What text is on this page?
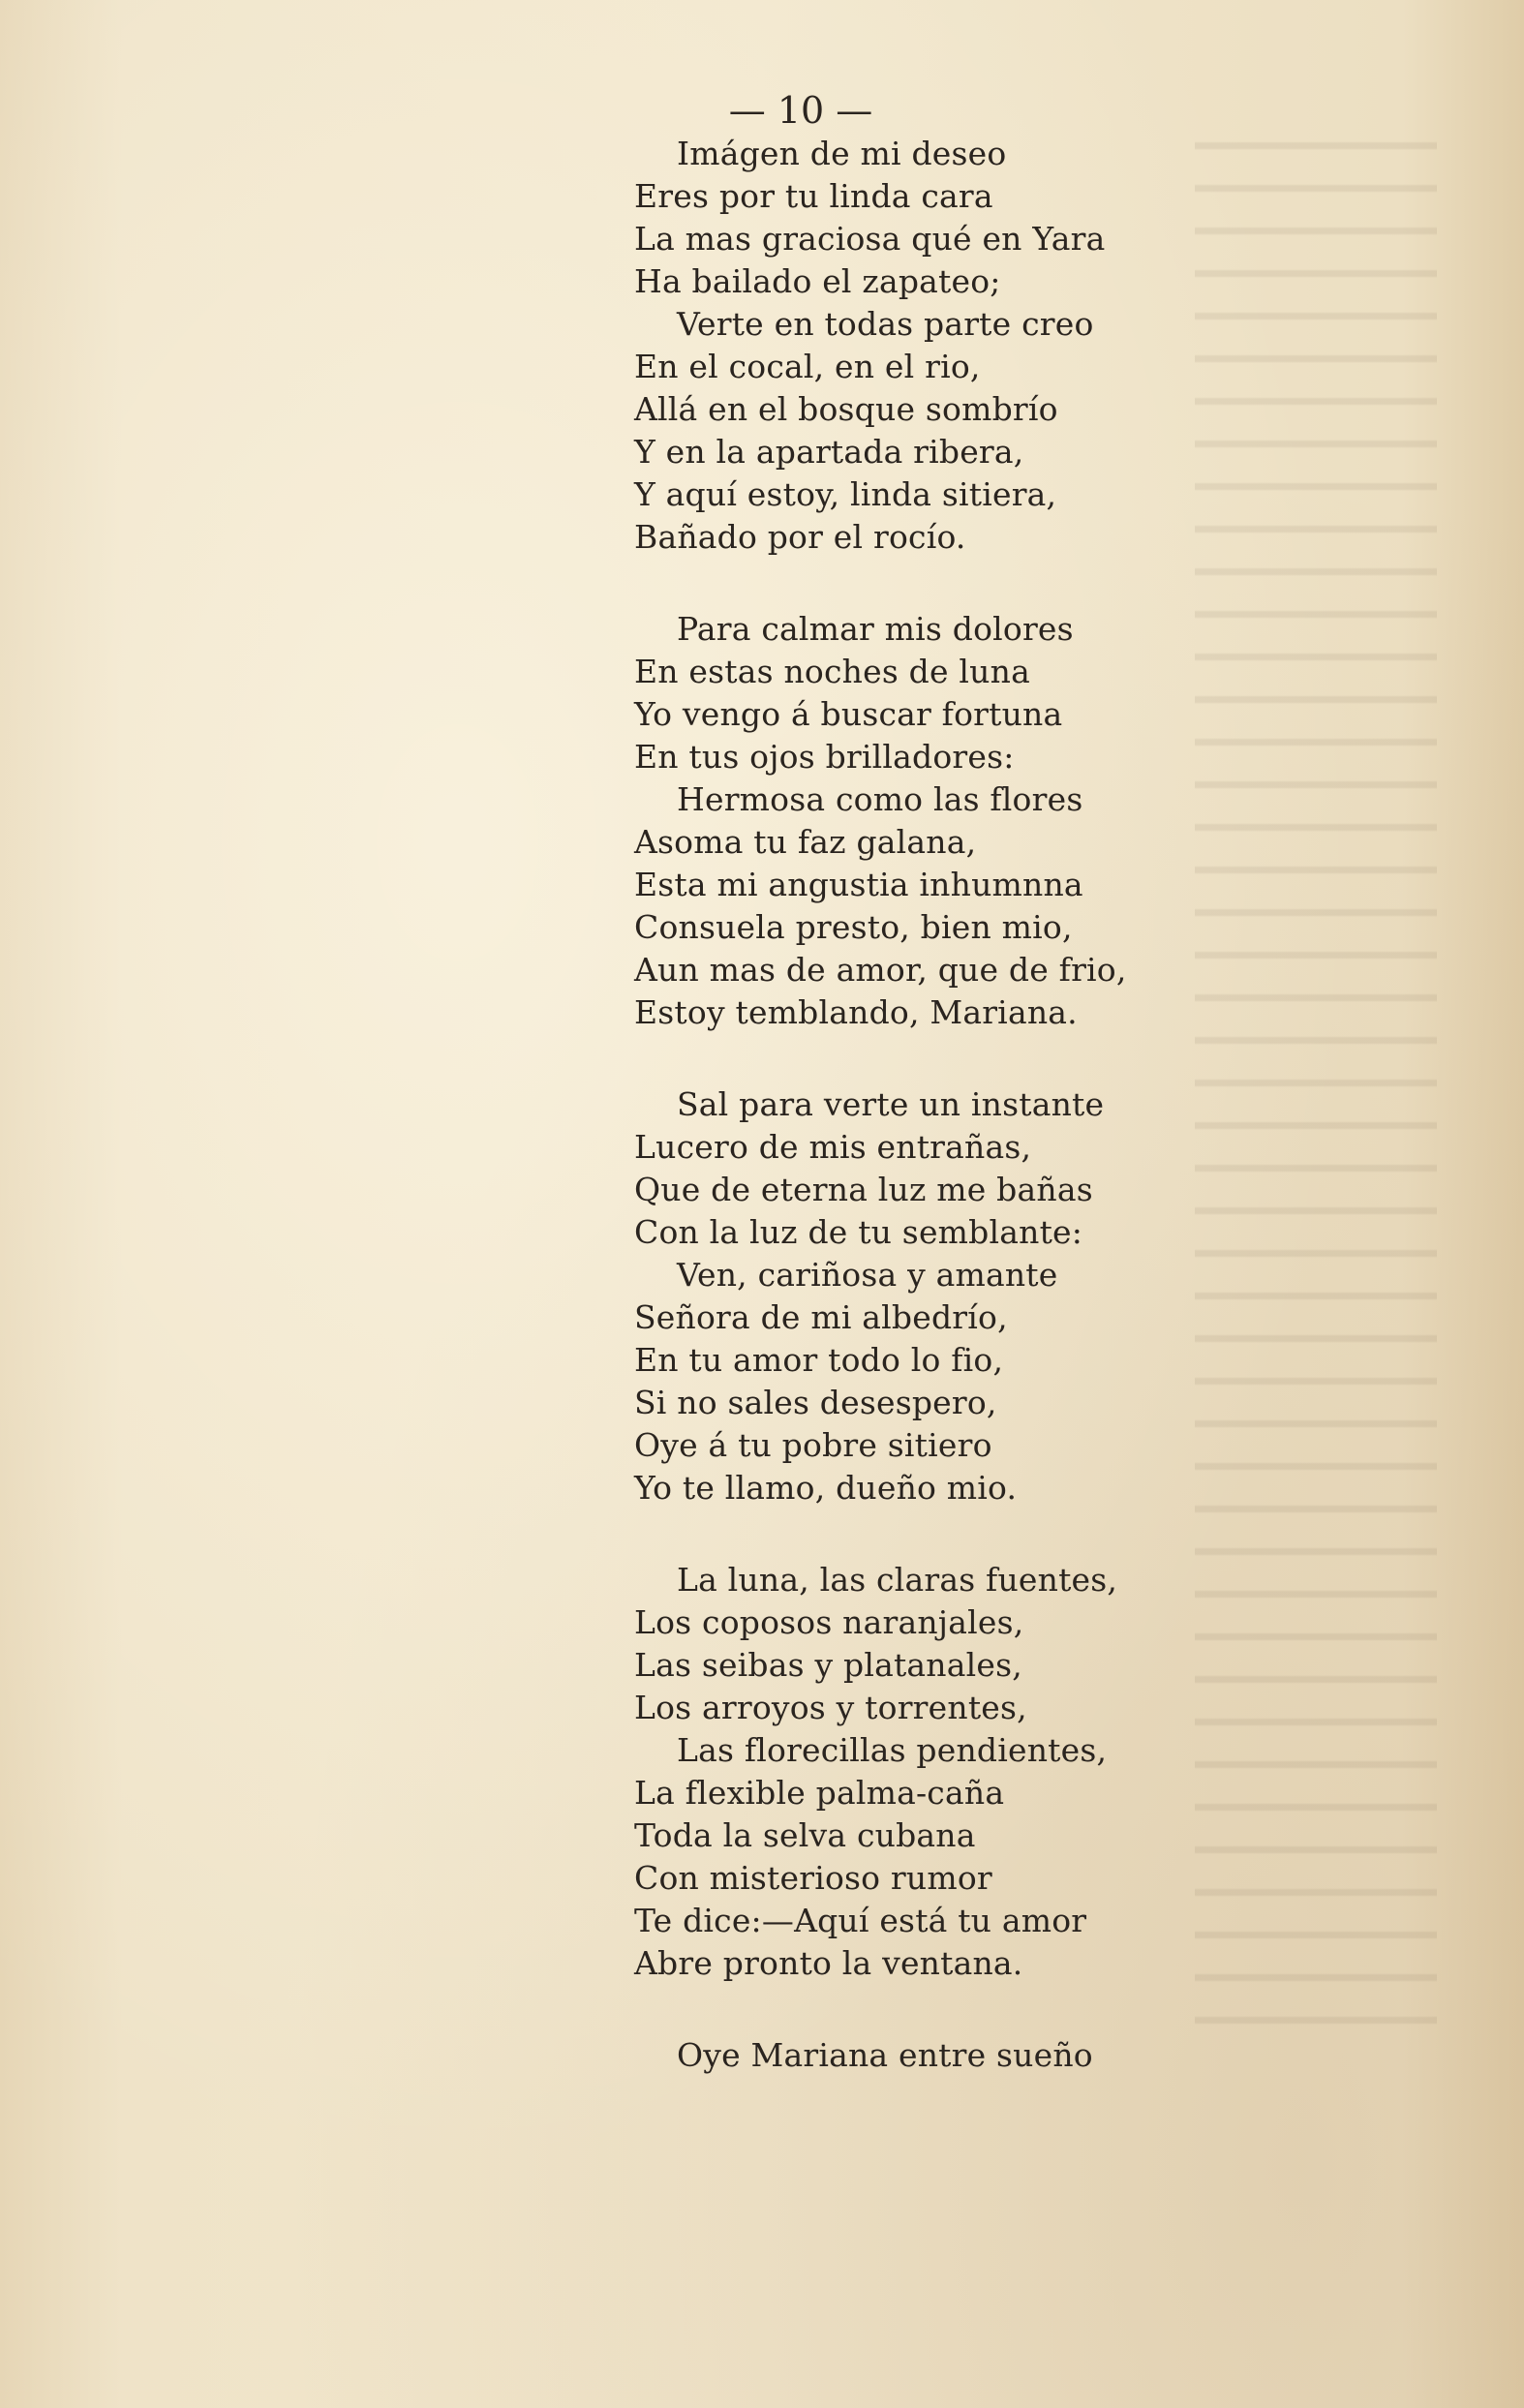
— 10 —
Imágen de mi deseo
Eres por tu linda cara
La mas graciosa qué en Yara
Ha bailado el zapateo;
Verte en todas parte creo
En el cocal, en el rio,
Allá en el bosque sombrío
Y en la apartada ribera,
Y aquí estoy, linda sitiera,
Bañado por el rocío.
Para calmar mis dolores
En estas noches de luna
Yo vengo á buscar fortuna
En tus ojos brilladores:
Hermosa como las flores
Asoma tu faz galana,
Esta mi angustia inhumnna
Consuela presto, bien mio,
Aun mas de amor, que de frio,
Estoy temblando, Mariana.
Sal para verte un instante
Lucero de mis entrañas,
Que de eterna luz me bañas
Con la luz de tu semblante:
Ven, cariñosa y amante
Señora de mi albedrío,
En tu amor todo lo fio,
Si no sales desespero,
Oye á tu pobre sitiero
Yo te llamo, dueño mio.
La luna, las claras fuentes,
Los coposos naranjales,
Las seibas y platanales,
Los arroyos y torrentes,
Las florecillas pendientes,
La flexible palma-caña
Toda la selva cubana
Con misterioso rumor
Te dice:—Aquí está tu amor
Abre pronto la ventana.
Oye Mariana entre sueño
